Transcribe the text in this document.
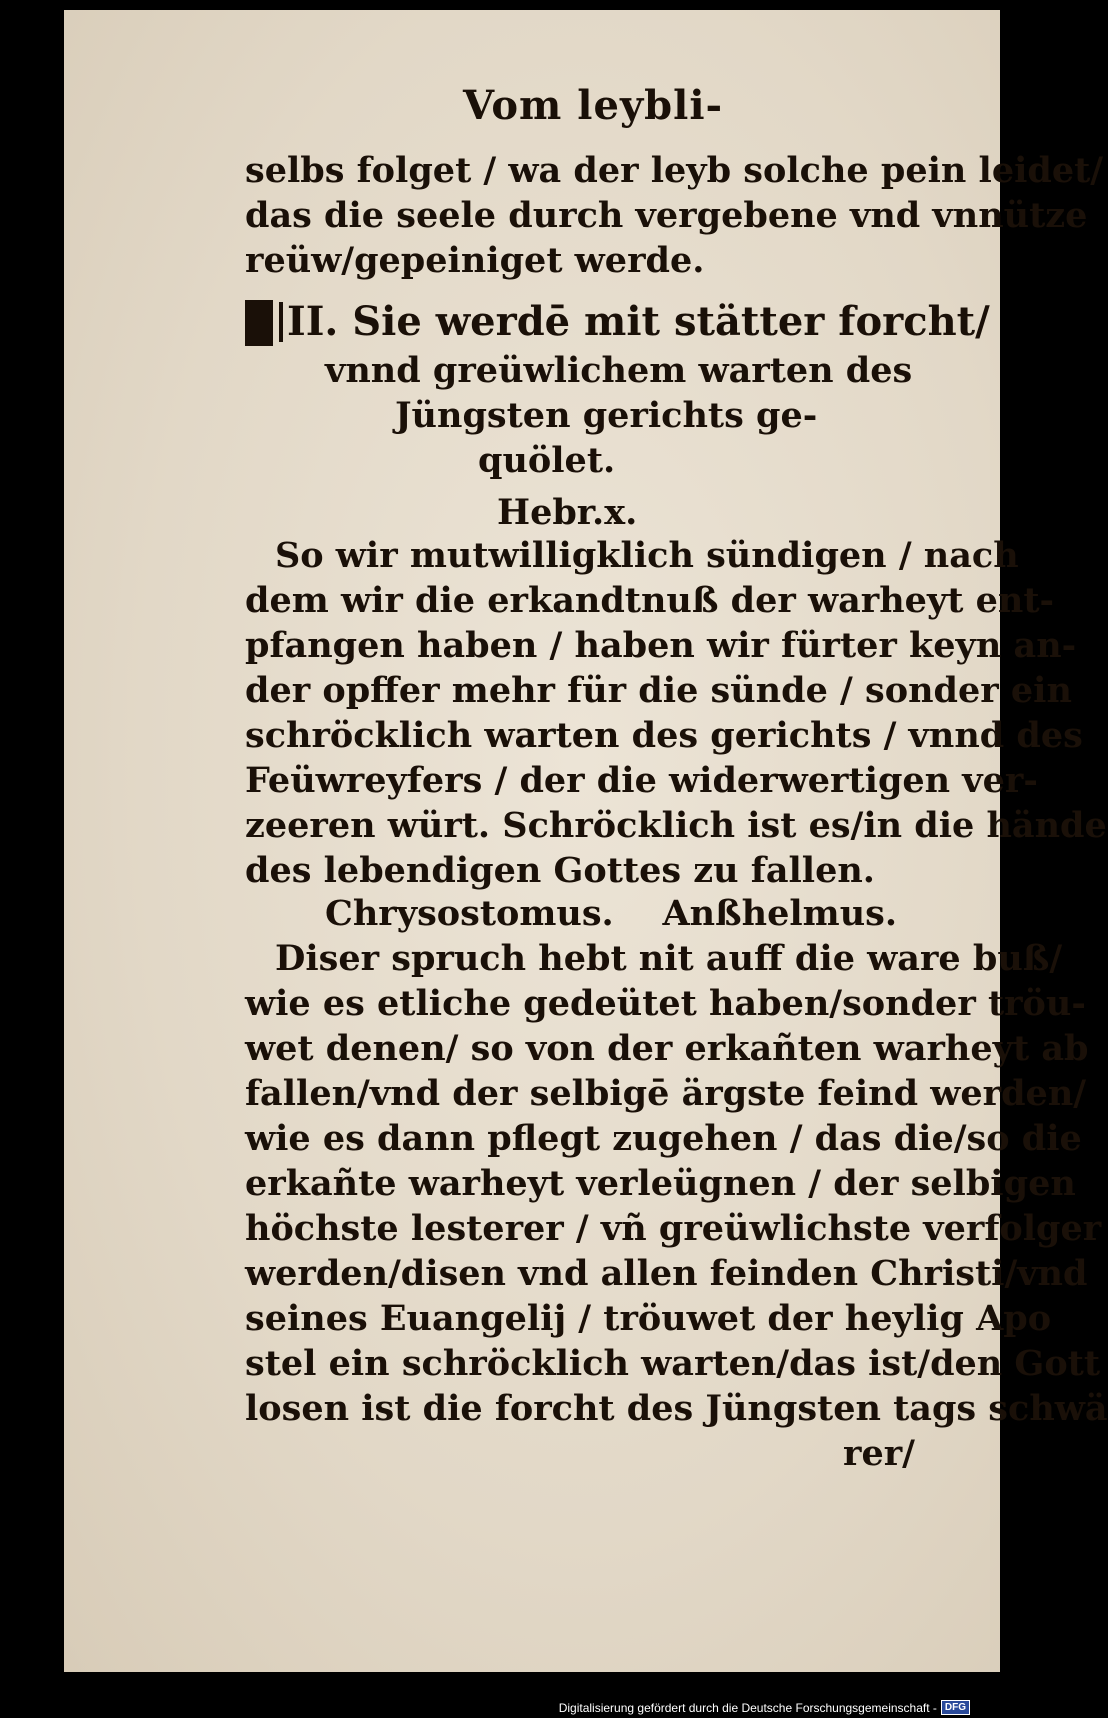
Vom leybli-
selbs folget / wa der leyb solche pein leidet/
das die seele durch vergebene vnd vnnütze
reüw/gepeiniget werde.
II. Sie werdē mit stätter forcht/
vnnd greüwlichem warten des
Jüngsten gerichts ge-
quölet.
Hebr.x.
So wir mutwilligklich sündigen / nach
dem wir die erkandtnuß der warheyt ent-
pfangen haben / haben wir fürter keyn an-
der opffer mehr für die sünde / sonder ein
schröcklich warten des gerichts / vnnd des
Feüwreyfers / der die widerwertigen ver-
zeeren würt. Schröcklich ist es/in die hände
des lebendigen Gottes zu fallen.
Chrysostomus.    Anßhelmus.
Diser spruch hebt nit auff die ware buß/
wie es etliche gedeütet haben/sonder tröu-
wet denen/ so von der erkañten warheyt ab
fallen/vnd der selbigē ärgste feind werden/
wie es dann pflegt zugehen / das die/so die
erkañte warheyt verleügnen / der selbigen
höchste lesterer / vñ greüwlichste verfolger
werden/disen vnd allen feinden Christi/vnd
seines Euangelij / tröuwet der heylig Apo
stel ein schröcklich warten/das ist/den Gott
losen ist die forcht des Jüngsten tags schwä
rer/
Digitalisierung gefördert durch die Deutsche Forschungsgemeinschaft - DFG
